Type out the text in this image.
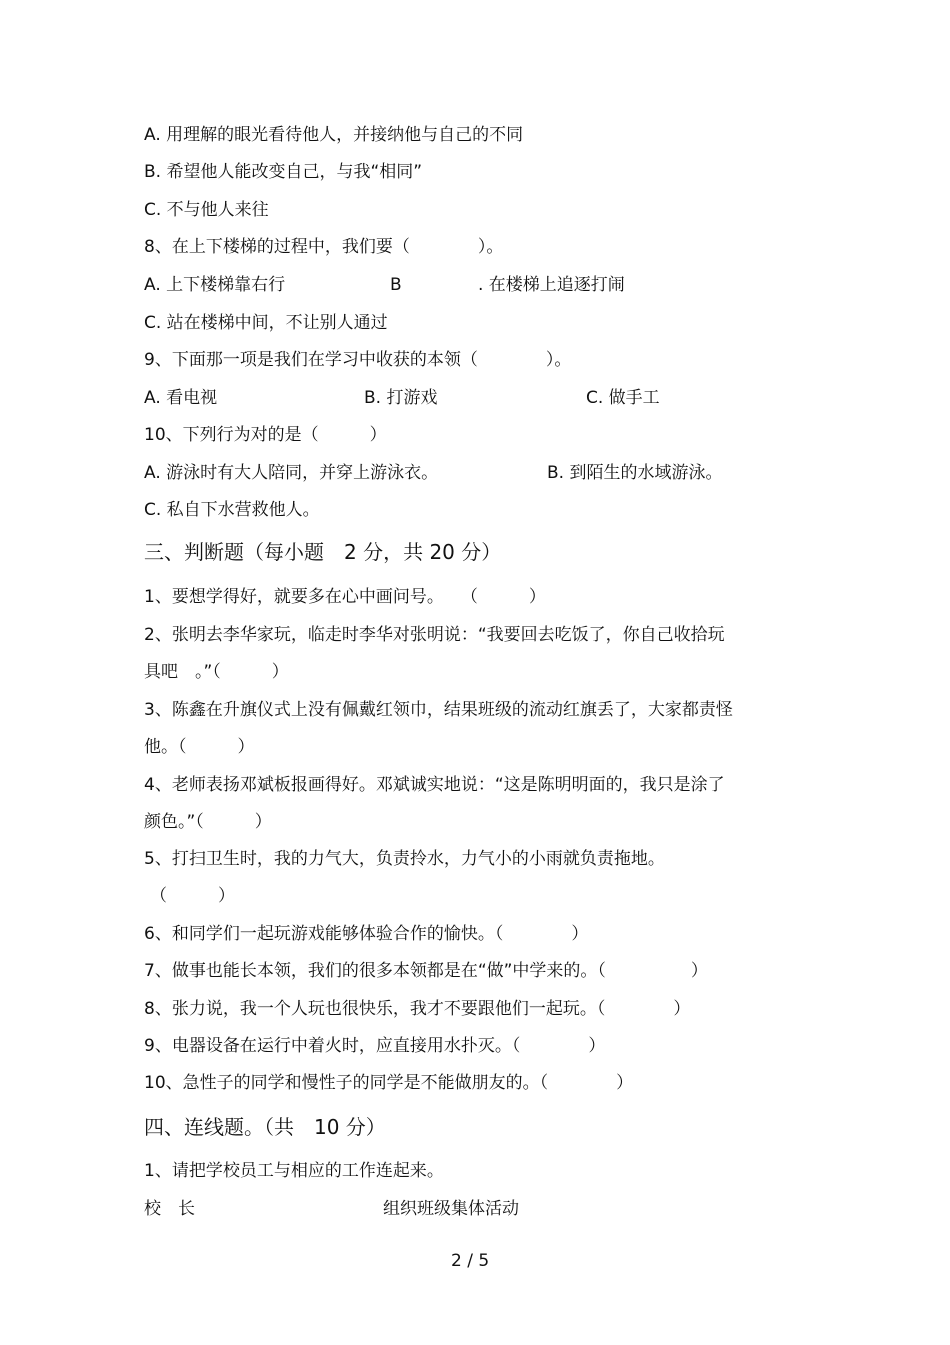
A. 用理解的眼光看待他人，并接纳他与自己的不同
B. 希望他人能改变自己，与我“相同”
C. 不与他人来往
8、在上下楼梯的过程中，我们要（　　　　）。
A. 上下楼梯靠右行	B	. 在楼梯上追逐打闹
C. 站在楼梯中间，不让别人通过
9、下面那一项是我们在学习中收获的本领（　　　　）。
A. 看电视	B. 打游戏	C. 做手工
10、下列行为对的是（　　　）
A. 游泳时有大人陪同，并穿上游泳衣。	B. 到陌生的水域游泳。
C. 私自下水营救他人。
三、判断题（每小题　2 分，共 20 分）
1、要想学得好，就要多在心中画问号。　　（　　　）
2、张明去李华家玩，临走时李华对张明说：“我要回去吃饭了，你自己收拾玩
具吧　。”（　　　）
3、陈鑫在升旗仪式上没有佩戴红领巾，结果班级的流动红旗丢了，大家都责怪
他。（　　　）
4、老师表扬邓斌板报画得好。邓斌诚实地说：“这是陈明明面的，我只是涂了
颜色。”（　　　）
5、打扫卫生时，我的力气大，负责拎水，力气小的小雨就负责拖地。
（　　　）
6、和同学们一起玩游戏能够体验合作的愉快。（　　　　）
7、做事也能长本领，我们的很多本领都是在“做”中学来的。（　　　　　）
8、张力说，我一个人玩也很快乐，我才不要跟他们一起玩。（　　　　）
9、电器设备在运行中着火时，应直接用水扑灭。（　　　　）
10、急性子的同学和慢性子的同学是不能做朋友的。（　　　　）
四、连线题。（共　10 分）
1、请把学校员工与相应的工作连起来。
校　长	组织班级集体活动
2 / 5
